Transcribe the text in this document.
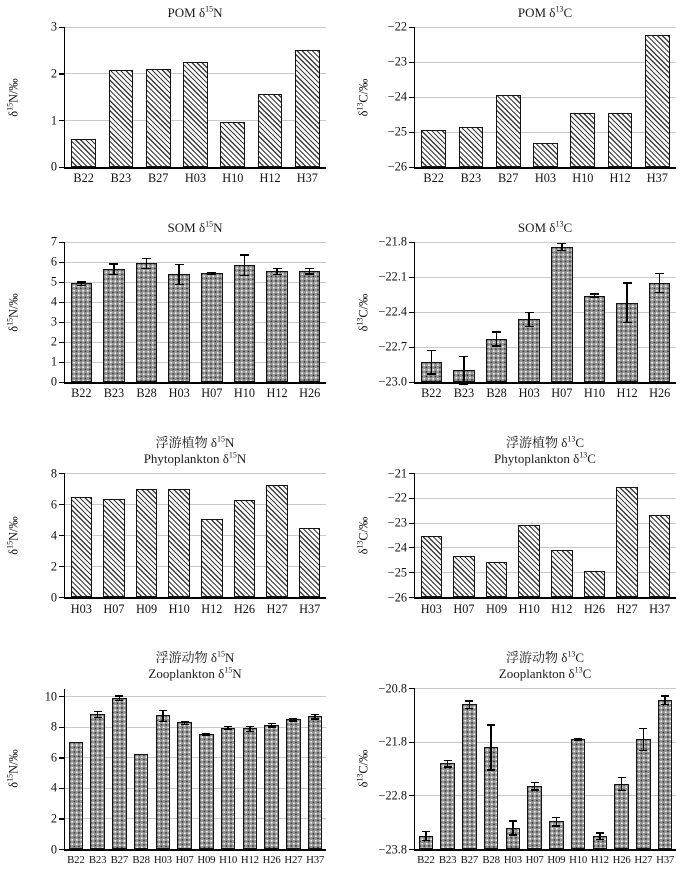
POM $\delta^{15}N$
$\delta^{15}N/‰$
0
1
2
3
B22	B23	B27	H03	H10	H12	H37
POM $\delta^{13}C$
$\delta^{13}C/‰$
−26
−25
−24
−23
−22
B22	B23	B27	H03	H10	H12	H37
SOM $\delta^{15}N$
$\delta^{15}N/‰$
0
1
2
3
4
5
6
7
B22 B23 B28 H03 H07 H10 H12 H26
SOM $\delta^{13}C$
$\delta^{13}C/‰$
−23.0
−22.7
−22.4
−22.1
−21.8
B22 B23 B28 H03 H07 H10 H12 H26
浮游植物 $\delta^{15}N$
Phytoplankton $\delta^{15}N$
$\delta^{15}N/‰$
0
2
4
6
8
H03 H07 H09 H10 H12 H26 H27 H37
浮游植物 $\delta^{13}C$
Phytoplankton $\delta^{13}C$
$\delta^{13}C/‰$
−26
−25
−24
−23
−22
−21
H03 H07 H09 H10 H12 H26 H27 H37
浮游动物 $\delta^{15}N$
Zooplankton $\delta^{15}N$
$\delta^{15}N/‰$
0
2
4
6
8
10
B22 B23 B27 B28 H03 H07 H09 H10 H12 H26 H27 H37
浮游动物 $\delta^{13}C$
Zooplankton $\delta^{13}C$
$\delta^{13}C/‰$
−23.8
−22.8
−21.8
−20.8
B22 B23 B27 B28 H03 H07 H09 H10 H12 H26 H27 H37
